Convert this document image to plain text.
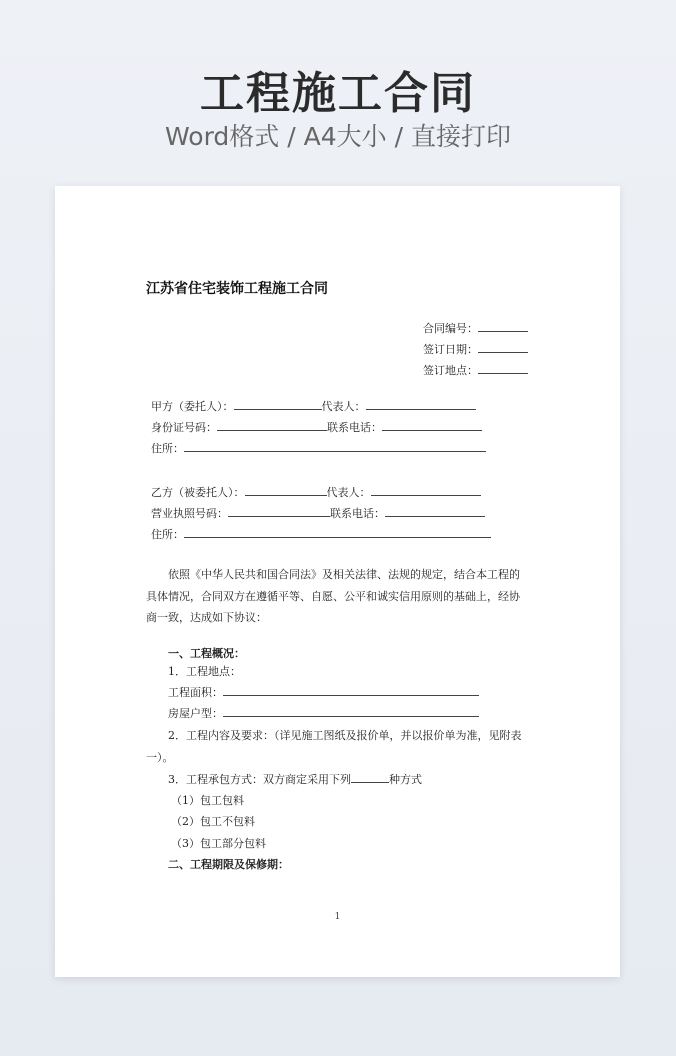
工程施工合同
Word格式 / A4大小 / 直接打印
江苏省住宅装饰工程施工合同
合同编号：
签订日期：
签订地点：
甲方（委托人）：	代表人：
身份证号码：	联系电话：
住所：
乙方（被委托人）：	代表人：
营业执照号码：	联系电话：
住所：
依照《中华人民共和国合同法》及相关法律、法规的规定，结合本工程的具体情况，合同双方在遵循平等、自愿、公平和诚实信用原则的基础上，经协商一致，达成如下协议：
一、工程概况：
1．工程地点：
工程面积：
房屋户型：
2．工程内容及要求：（详见施工图纸及报价单，并以报价单为准，见附表
一）。
3．工程承包方式：双方商定采用下列	种方式
（1）包工包料
（2）包工不包料
（3）包工部分包料
二、工程期限及保修期：
1
